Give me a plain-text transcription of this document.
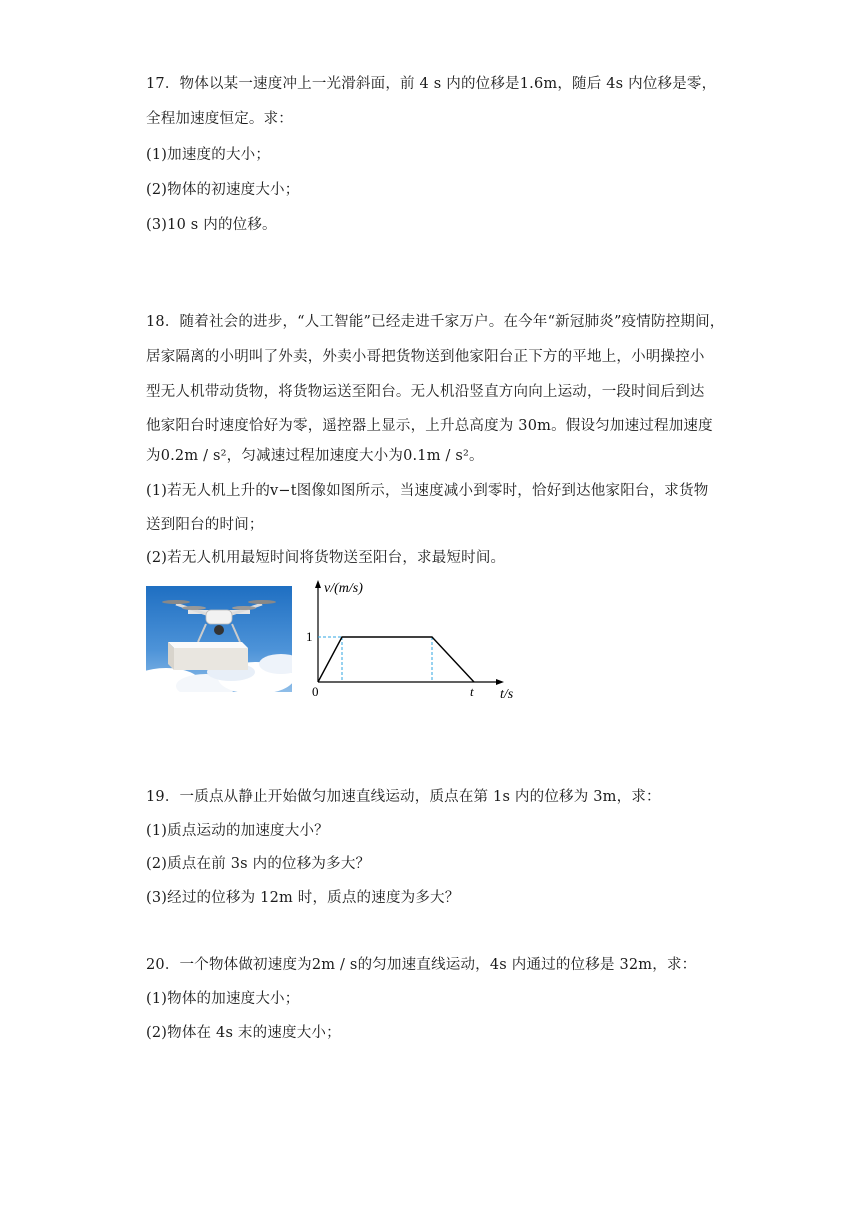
17．物体以某一速度冲上一光滑斜面，前 4 s 内的位移是1.6m，随后 4s 内位移是零，
全程加速度恒定。求：
(1)加速度的大小；
(2)物体的初速度大小；
(3)10 s 内的位移。
18．随着社会的进步，“人工智能”已经走进千家万户。在今年“新冠肺炎”疫情防控期间，
居家隔离的小明叫了外卖，外卖小哥把货物送到他家阳台正下方的平地上，小明操控小
型无人机带动货物，将货物运送至阳台。无人机沿竖直方向向上运动，一段时间后到达
他家阳台时速度恰好为零，遥控器上显示，上升总高度为 30m。假设匀加速过程加速度
为0.2m / s²，匀减速过程加速度大小为0.1m / s²。
(1)若无人机上升的v−t图像如图所示，当速度减小到零时，恰好到达他家阳台，求货物
送到阳台的时间；
(2)若无人机用最短时间将货物送至阳台，求最短时间。
v/(m/s)
t/s
0
1
t
19．一质点从静止开始做匀加速直线运动，质点在第 1s 内的位移为 3m，求：
(1)质点运动的加速度大小？
(2)质点在前 3s 内的位移为多大？
(3)经过的位移为 12m 时，质点的速度为多大？
20．一个物体做初速度为2m / s的匀加速直线运动，4s 内通过的位移是 32m，求：
(1)物体的加速度大小；
(2)物体在 4s 末的速度大小；
